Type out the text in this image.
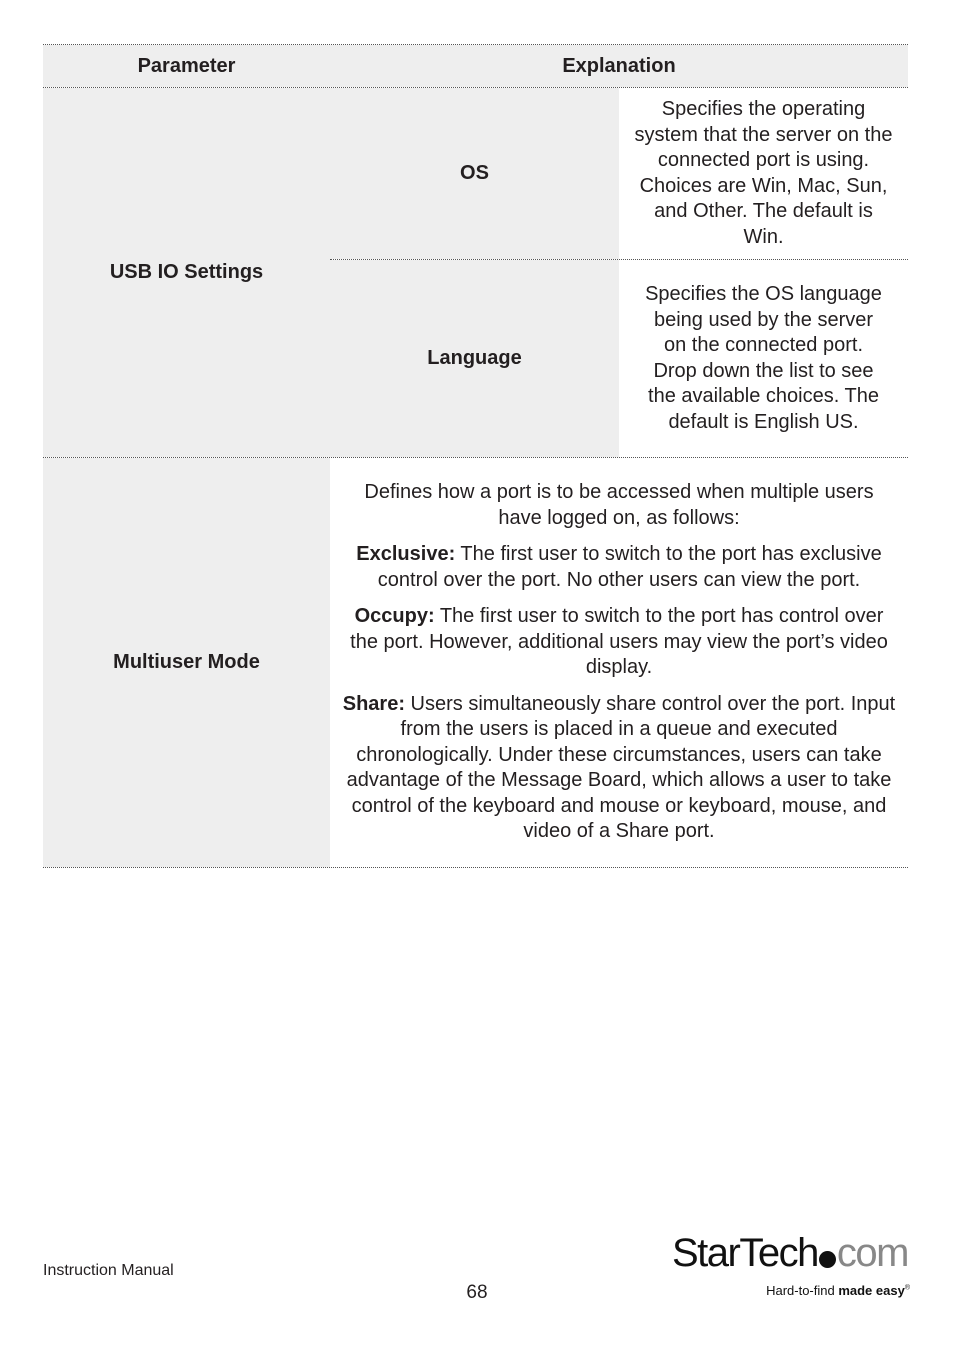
Parameter	Explanation
USB IO Settings
OS
Specifies the operating system that the server on the connected port is using. Choices are Win, Mac, Sun, and Other. The default is Win.
Language
Specifies the OS language being used by the server on the connected port. Drop down the list to see the available choices. The default is English US.
Multiuser Mode

Defines how a port is to be accessed when multiple users have logged on, as follows:

Exclusive: The first user to switch to the port has exclusive control over the port. No other users can view the port.

Occupy: The first user to switch to the port has control over the port. However, additional users may view the port’s video display.

Share: Users simultaneously share control over the port. Input from the users is placed in a queue and executed chronologically. Under these circumstances, users can take advantage of the Message Board, which allows a user to take control of the keyboard and mouse or keyboard, mouse, and video of a Share port.

Instruction Manual
68
StarTech com
Hard-to-find made easy®
